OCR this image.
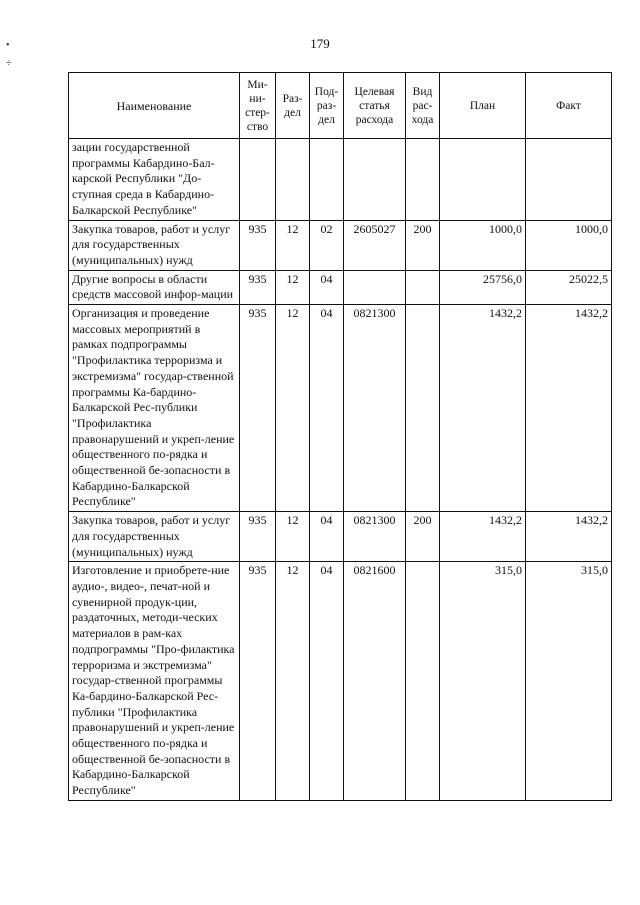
179
•
÷
Наименование	Ми-
ни-
стер-
ство	Раз-
дел	Под-
раз-
дел	Целевая
статья
расхода	Вид
рас-
хода	План	Факт
зации государственной программы Кабардино-Бал-карской Республики "До-ступная среда в Кабардино-Балкарской Республике"							
Закупка товаров, работ и услуг для государственных (муниципальных) нужд	935	12	02	2605027	200	1000,0	1000,0
Другие вопросы в области средств массовой инфор-мации	935	12	04			25756,0	25022,5
Организация и проведение массовых мероприятий в рамках подпрограммы "Профилактика терроризма и экстремизма" государ-ственной программы Ка-бардино-Балкарской Рес-публики "Профилактика правонарушений и укреп-ление общественного по-рядка и общественной бе-зопасности в Кабардино-Балкарской Республике"	935	12	04	0821300		1432,2	1432,2
Закупка товаров, работ и услуг для государственных (муниципальных) нужд	935	12	04	0821300	200	1432,2	1432,2
Изготовление и приобрете-ние аудио-, видео-, печат-ной и сувенирной продук-ции, раздаточных, методи-ческих материалов в рам-ках подпрограммы "Про-филактика терроризма и экстремизма" государ-ственной программы Ка-бардино-Балкарской Рес-публики "Профилактика правонарушений и укреп-ление общественного по-рядка и общественной бе-зопасности в Кабардино-Балкарской Республике"	935	12	04	0821600		315,0	315,0
